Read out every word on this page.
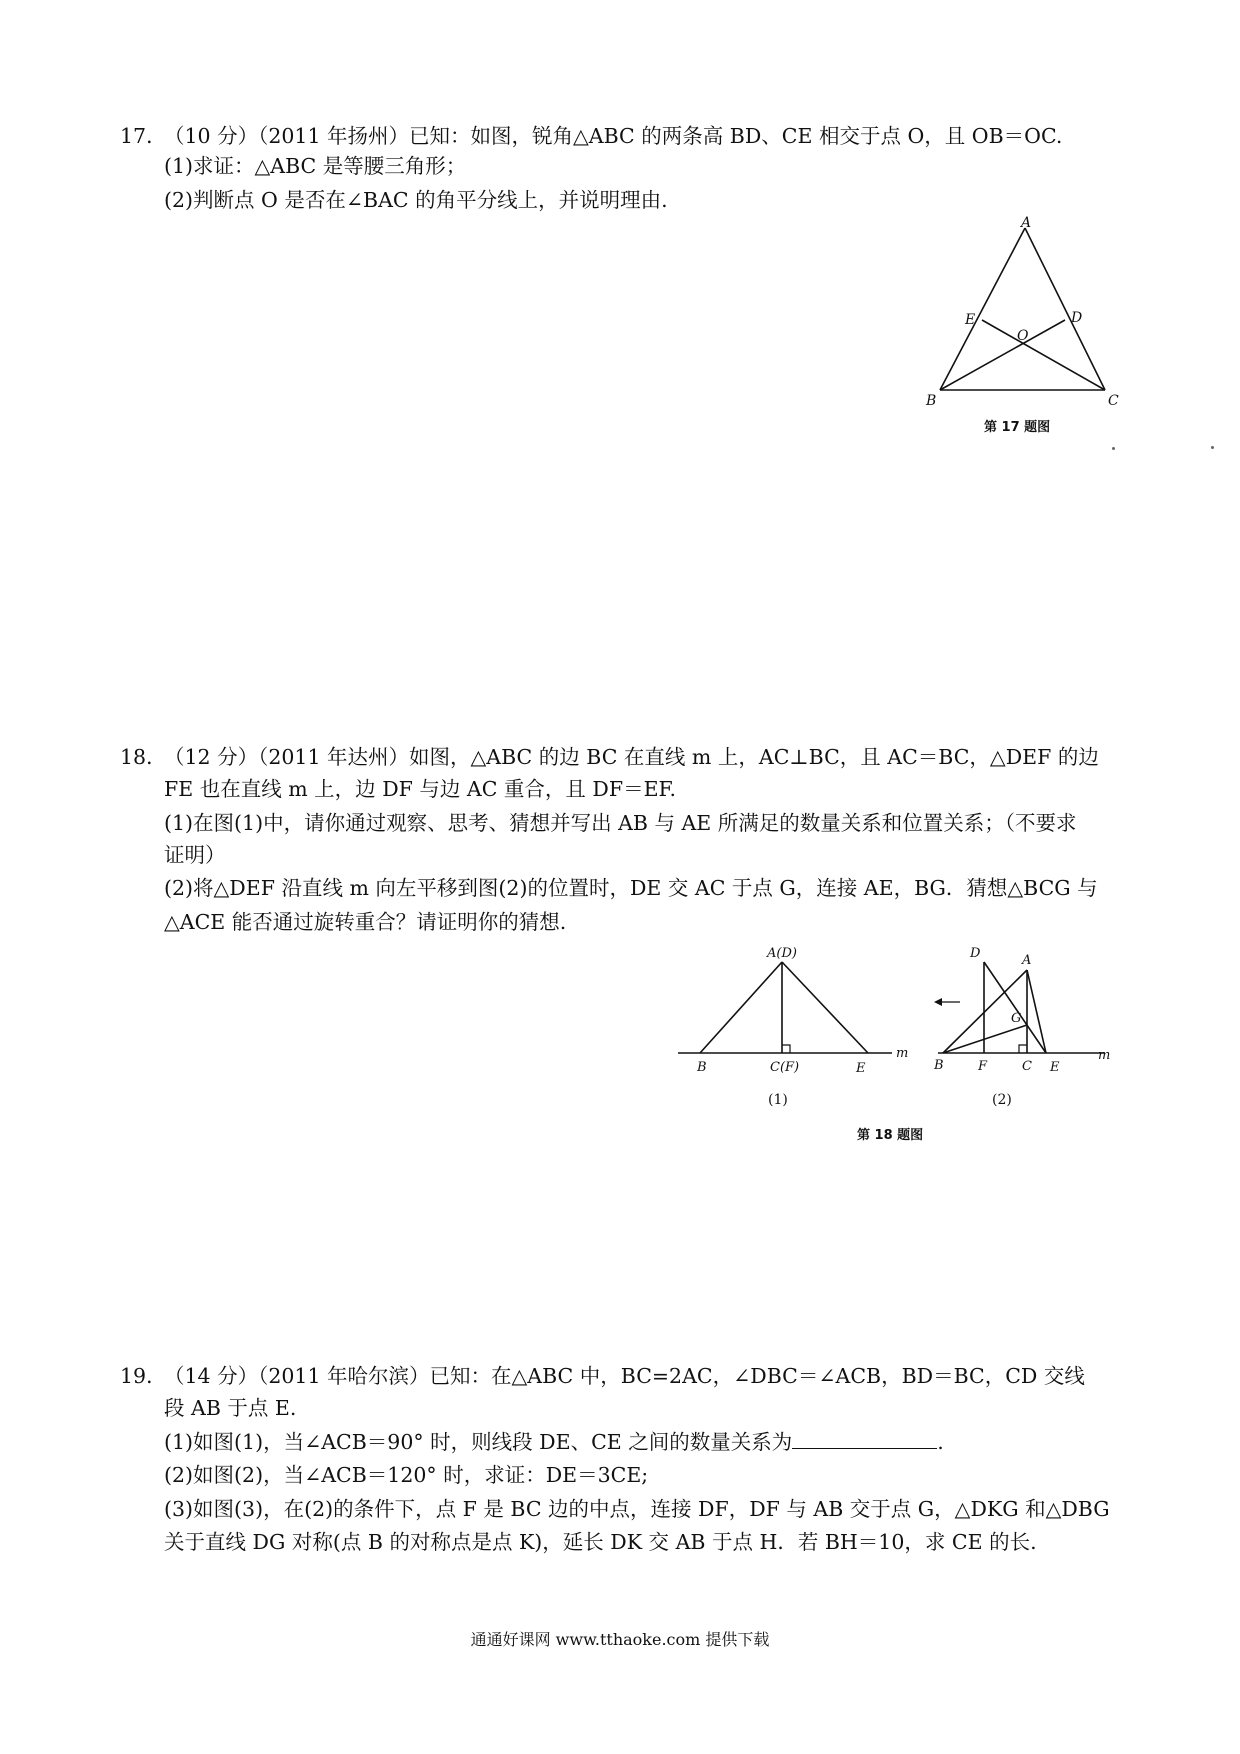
17．（10 分）（2011 年扬州）已知：如图，锐角△ABC 的两条高 BD、CE 相交于点 O，且 OB＝OC.
(1)求证：△ABC 是等腰三角形；
(2)判断点 O 是否在∠BAC 的角平分线上，并说明理由.
A
B	C
D
E
O
第 17 题图
18．（12 分）（2011 年达州）如图，△ABC 的边 BC 在直线 m 上，AC⊥BC，且 AC＝BC，△DEF 的边
FE 也在直线 m 上，边 DF 与边 AC 重合，且 DF＝EF.
(1)在图(1)中，请你通过观察、思考、猜想并写出 AB 与 AE 所满足的数量关系和位置关系；（不要求
证明）
(2)将△DEF 沿直线 m 向左平移到图(2)的位置时，DE 交 AC 于点 G，连接 AE，BG．猜想△BCG 与
△ACE 能否通过旋转重合？请证明你的猜想.
A(D)
B	C(F)	E
m
(1)
D	A
G
B	F	C E
m
(2)
第 18 题图
19．（14 分）（2011 年哈尔滨）已知：在△ABC 中，BC=2AC，∠DBC＝∠ACB，BD＝BC，CD 交线
段 AB 于点 E.
(1)如图(1)，当∠ACB＝90° 时，则线段 DE、CE 之间的数量关系为	.
(2)如图(2)，当∠ACB＝120° 时，求证：DE＝3CE;
(3)如图(3)，在(2)的条件下，点 F 是 BC 边的中点，连接 DF，DF 与 AB 交于点 G，△DKG 和△DBG
关于直线 DG 对称(点 B 的对称点是点 K)，延长 DK 交 AB 于点 H．若 BH＝10，求 CE 的长.
通通好课网 www.tthaoke.com 提供下载
